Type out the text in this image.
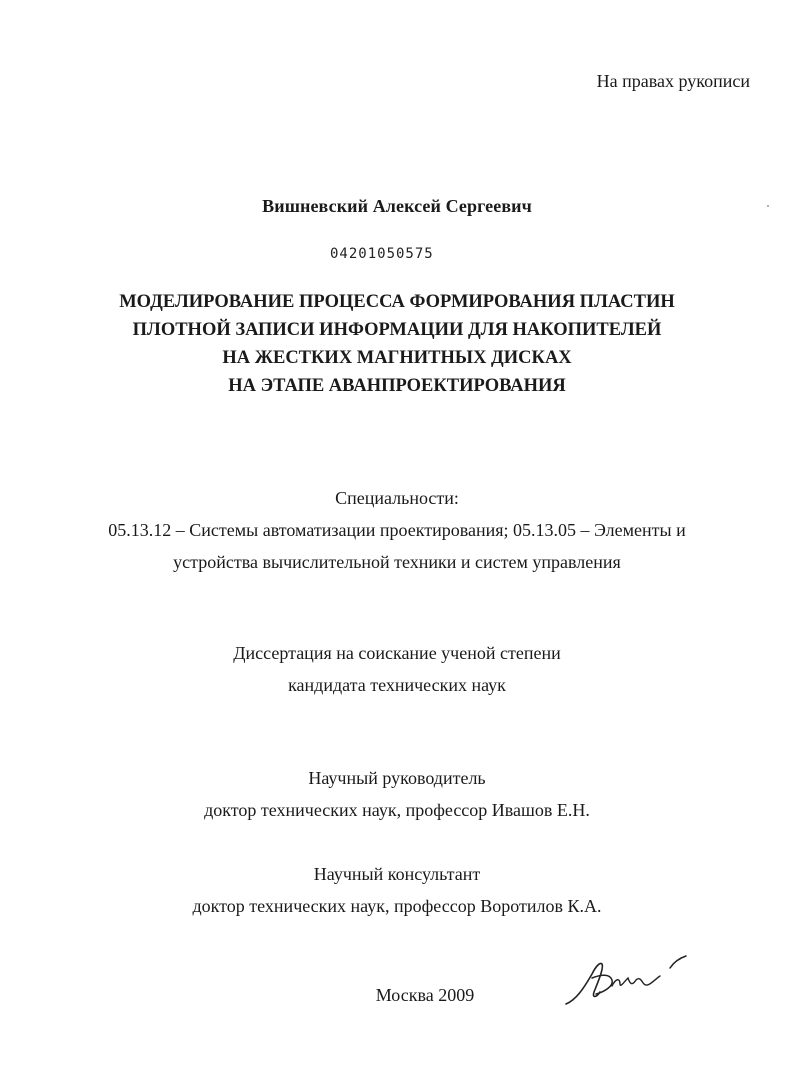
На правах рукописи
Вишневский Алексей Сергеевич
04201050575
МОДЕЛИРОВАНИЕ ПРОЦЕССА ФОРМИРОВАНИЯ ПЛАСТИН
ПЛОТНОЙ ЗАПИСИ ИНФОРМАЦИИ ДЛЯ НАКОПИТЕЛЕЙ
НА ЖЕСТКИХ МАГНИТНЫХ ДИСКАХ
НА ЭТАПЕ АВАНПРОЕКТИРОВАНИЯ
Специальности:
05.13.12 – Системы автоматизации проектирования; 05.13.05 – Элементы и
устройства вычислительной техники и систем управления
Диссертация на соискание ученой степени
кандидата технических наук
Научный руководитель
доктор технических наук, профессор Ивашов Е.Н.
Научный консультант
доктор технических наук, профессор Воротилов К.А.
Москва 2009
